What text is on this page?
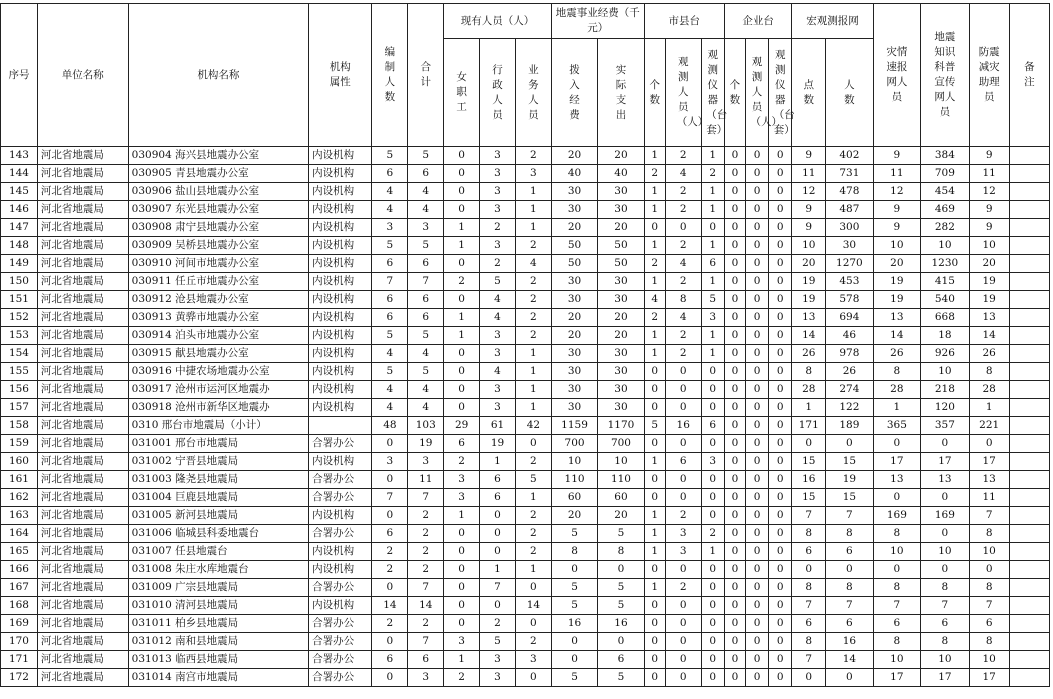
序号	单位名称	机构名称	机构属性	编制人数	合计	现有人员（人）			地震事业经费（千元）		市县台			企业台			宏观测报网		灾情速报网人员	地震知识科普宣传网人员	防震减灾助理员	备注

						女职工	行政人员	业务人员	拨入经费	实际支出	个数	观测人员（人）	观测仪器（台套）	个数	观测人员（人）	观测仪器（台套）	点数	人数				

143	河北省地震局	030904 海兴县地震办公室	内设机构	5	5	0	3	2	20	20	1	2	1	0	0	0	9	402	9	384	9	
144	河北省地震局	030905 青县地震办公室	内设机构	6	6	0	3	3	40	40	2	4	2	0	0	0	11	731	11	709	11	
145	河北省地震局	030906 盐山县地震办公室	内设机构	4	4	0	3	1	30	30	1	2	1	0	0	0	12	478	12	454	12	
146	河北省地震局	030907 东光县地震办公室	内设机构	4	4	0	3	1	30	30	1	2	1	0	0	0	9	487	9	469	9	
147	河北省地震局	030908 肃宁县地震办公室	内设机构	3	3	1	2	1	20	20	0	0	0	0	0	0	9	300	9	282	9	
148	河北省地震局	030909 吴桥县地震办公室	内设机构	5	5	1	3	2	50	50	1	2	1	0	0	0	10	30	10	10	10	
149	河北省地震局	030910 河间市地震办公室	内设机构	6	6	0	2	4	50	50	2	4	6	0	0	0	20	1270	20	1230	20	
150	河北省地震局	030911 任丘市地震办公室	内设机构	7	7	2	5	2	30	30	1	2	1	0	0	0	19	453	19	415	19	
151	河北省地震局	030912 沧县地震办公室	内设机构	6	6	0	4	2	30	30	4	8	5	0	0	0	19	578	19	540	19	
152	河北省地震局	030913 黄骅市地震办公室	内设机构	6	6	1	4	2	20	20	2	4	3	0	0	0	13	694	13	668	13	
153	河北省地震局	030914 泊头市地震办公室	内设机构	5	5	1	3	2	20	20	1	2	1	0	0	0	14	46	14	18	14	
154	河北省地震局	030915 献县地震办公室	内设机构	4	4	0	3	1	30	30	1	2	1	0	0	0	26	978	26	926	26	
155	河北省地震局	030916 中捷农场地震办公室	内设机构	5	5	0	4	1	30	30	0	0	0	0	0	0	8	26	8	10	8	
156	河北省地震局	030917 沧州市运河区地震办	内设机构	4	4	0	3	1	30	30	0	0	0	0	0	0	28	274	28	218	28	
157	河北省地震局	030918 沧州市新华区地震办	内设机构	4	4	0	3	1	30	30	0	0	0	0	0	0	1	122	1	120	1	
158	河北省地震局	0310 邢台市地震局（小计）		48	103	29	61	42	1159	1170	5	16	6	0	0	0	171	189	365	357	221	
159	河北省地震局	031001 邢台市地震局	合署办公	0	19	6	19	0	700	700	0	0	0	0	0	0	0	0	0	0	0	
160	河北省地震局	031002 宁晋县地震局	内设机构	3	3	2	1	2	10	10	1	6	3	0	0	0	15	15	17	17	17	
161	河北省地震局	031003 隆尧县地震局	合署办公	0	11	3	6	5	110	110	0	0	0	0	0	0	16	19	13	13	13	
162	河北省地震局	031004 巨鹿县地震局	合署办公	7	7	3	6	1	60	60	0	0	0	0	0	0	15	15	0	0	11	
163	河北省地震局	031005 新河县地震局	内设机构	0	2	1	0	2	20	20	1	2	0	0	0	0	7	7	169	169	7	
164	河北省地震局	031006 临城县科委地震台	合署办公	6	2	0	0	2	5	5	1	3	2	0	0	0	8	8	8	0	8	
165	河北省地震局	031007 任县地震台	内设机构	2	2	0	0	2	8	8	1	3	1	0	0	0	6	6	10	10	10	
166	河北省地震局	031008 朱庄水库地震台	内设机构	2	2	0	1	1	0	0	0	0	0	0	0	0	0	0	0	0	0	
167	河北省地震局	031009 广宗县地震局	合署办公	0	7	0	7	0	5	5	1	2	0	0	0	0	8	8	8	8	8	
168	河北省地震局	031010 清河县地震局	内设机构	14	14	0	0	14	5	5	0	0	0	0	0	0	7	7	7	7	7	
169	河北省地震局	031011 柏乡县地震局	合署办公	2	2	0	2	0	16	16	0	0	0	0	0	0	6	6	6	6	6	
170	河北省地震局	031012 南和县地震局	合署办公	0	7	3	5	2	0	0	0	0	0	0	0	0	8	16	8	8	8	
171	河北省地震局	031013 临西县地震局	合署办公	6	6	1	3	3	0	6	0	0	0	0	0	0	7	14	10	10	10	
172	河北省地震局	031014 南宫市地震局	合署办公	0	3	2	3	0	5	5	0	0	0	0	0	0	0	0	17	17	17	
